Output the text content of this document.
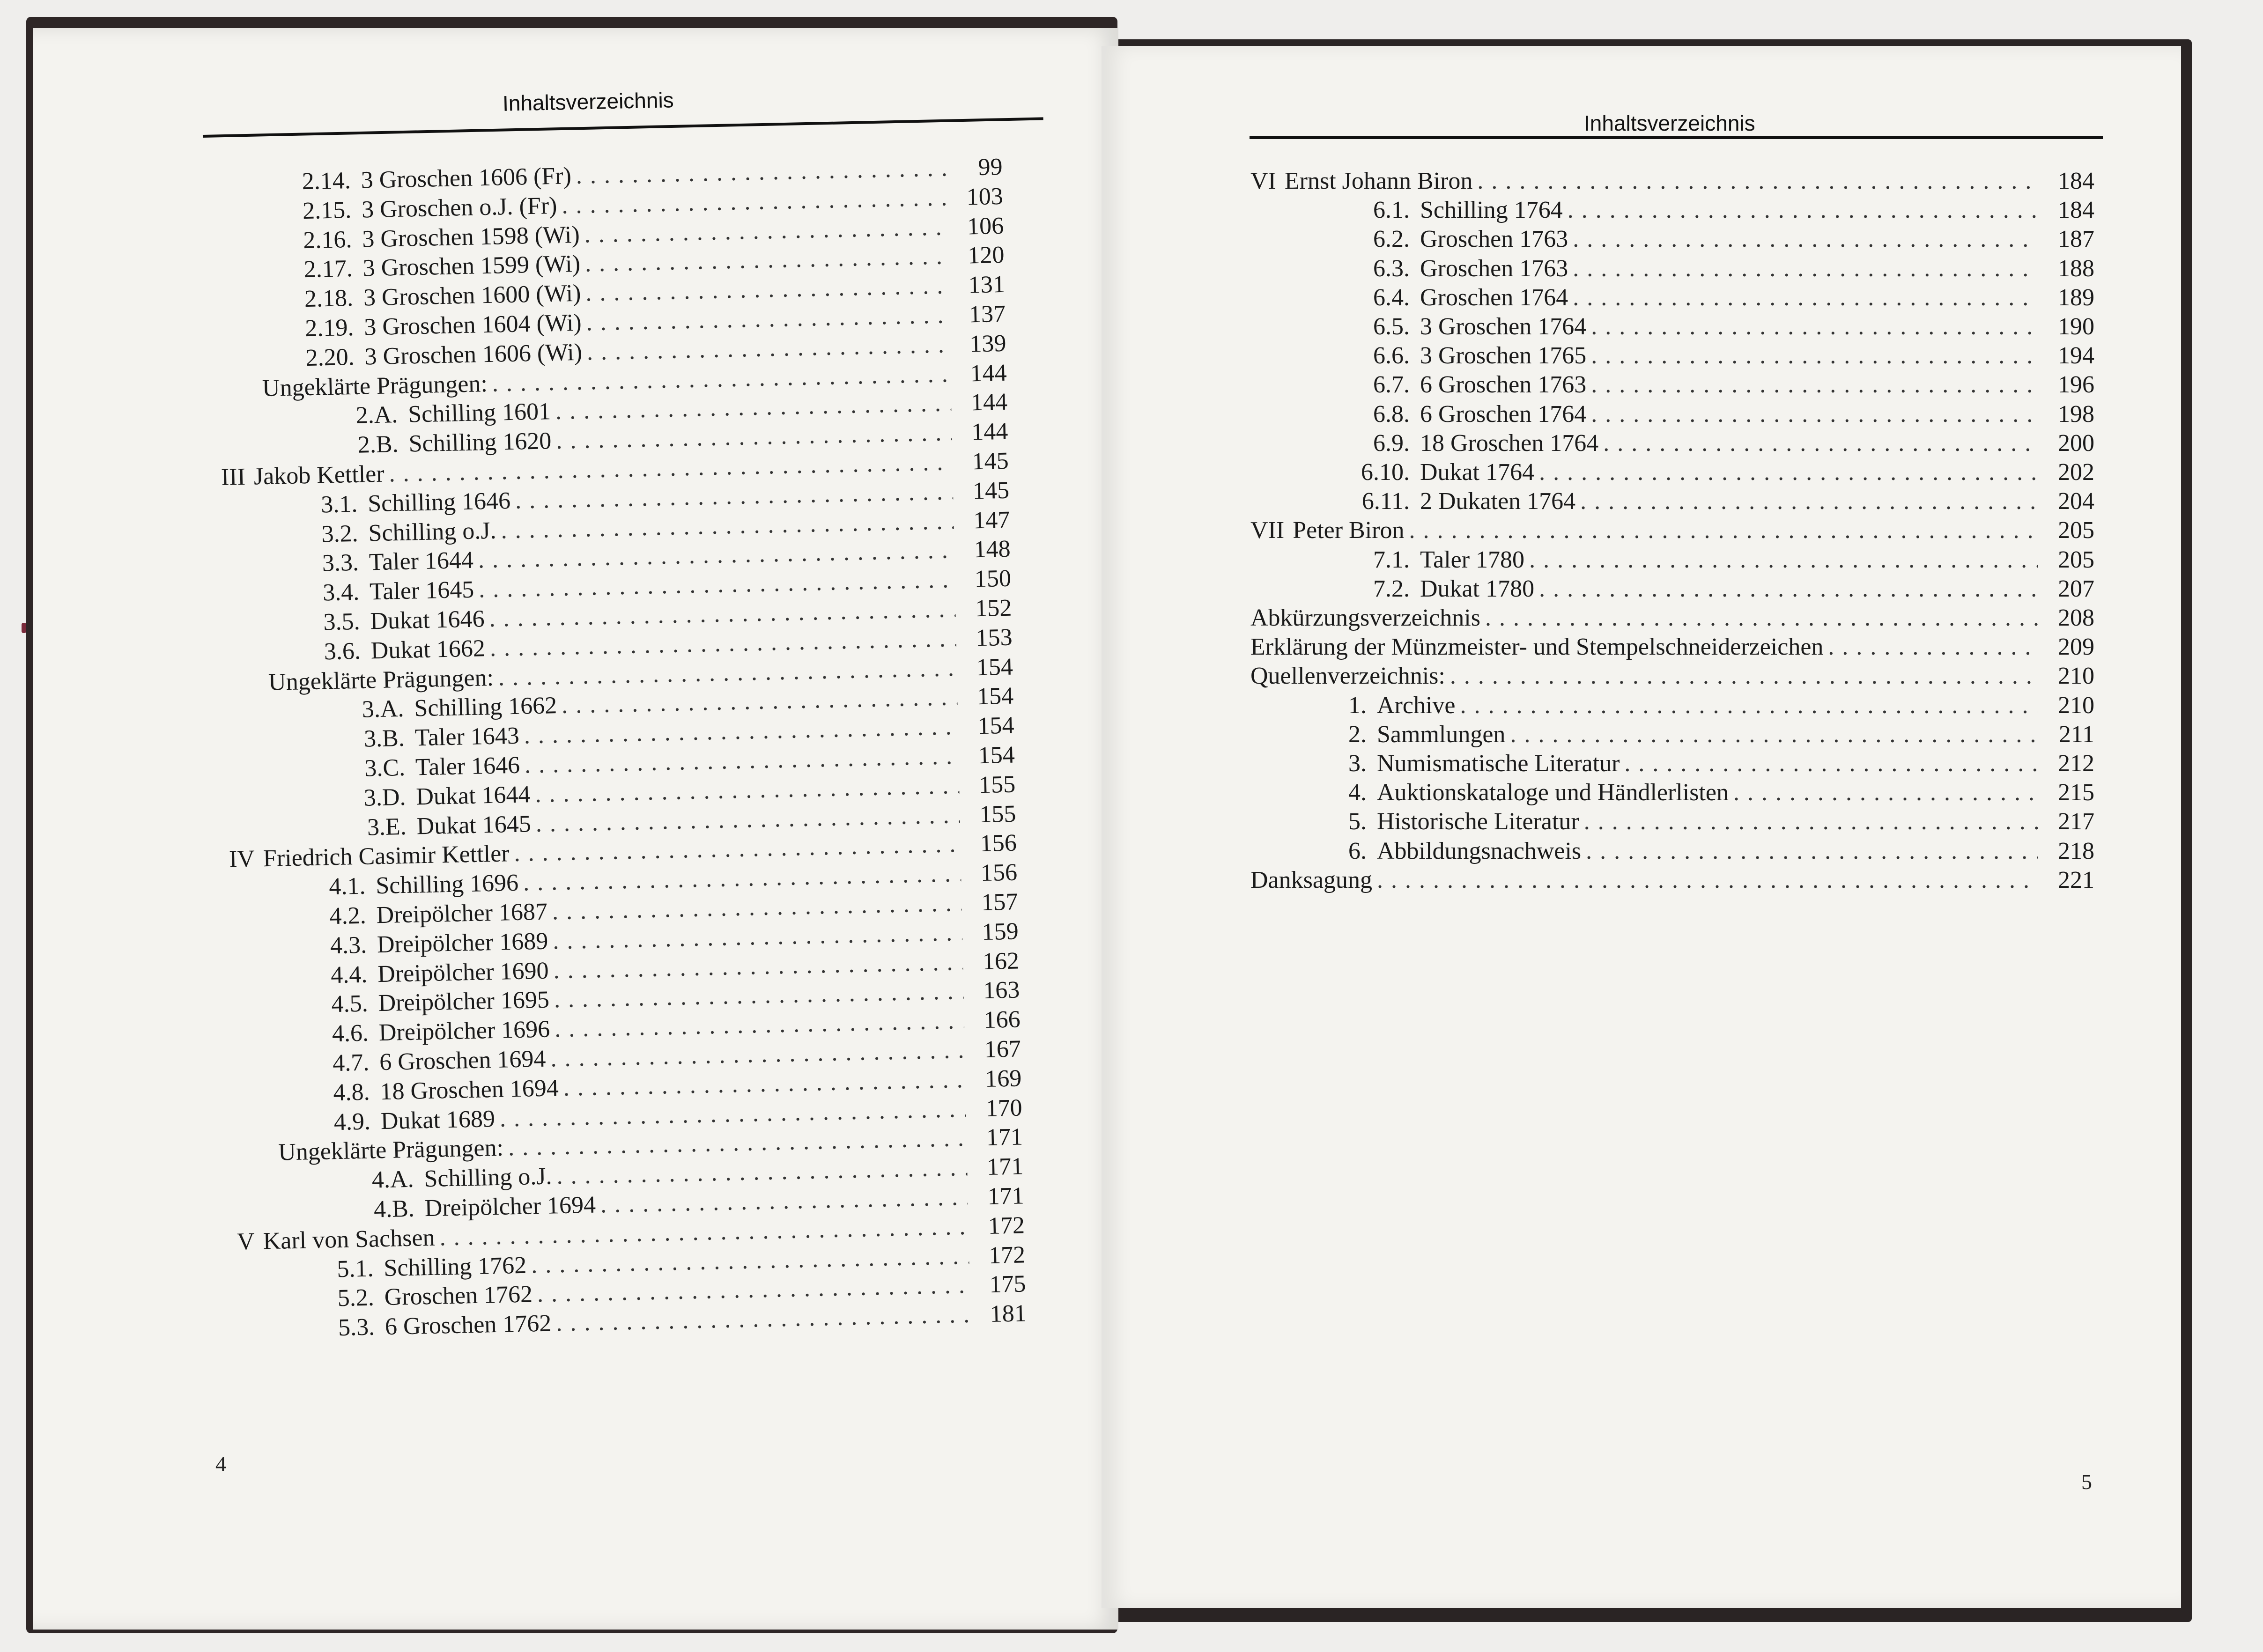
Inhaltsverzeichnis
2.14. 3 Groschen 1606 (Fr) . . .	99
2.15. 3 Groschen o.J. (Fr) . . .	103
2.16. 3 Groschen 1598 (Wi) . . .	106
2.17. 3 Groschen 1599 (Wi) . . .	120
2.18. 3 Groschen 1600 (Wi) . . .	131
2.19. 3 Groschen 1604 (Wi) . . .	137
2.20. 3 Groschen 1606 (Wi) . . .	139
Ungeklärte Prägungen: . . .	144
2.A. Schilling 1601 . . .	144
2.B. Schilling 1620 . . .	144
III Jakob Kettler . . .	145
3.1. Schilling 1646 . . .	145
3.2. Schilling o.J. . . .	147
3.3. Taler 1644 . . .	148
3.4. Taler 1645 . . .	150
3.5. Dukat 1646 . . .	152
3.6. Dukat 1662 . . .	153
Ungeklärte Prägungen: . . .	154
3.A. Schilling 1662 . . .	154
3.B. Taler 1643 . . .	154
3.C. Taler 1646 . . .	154
3.D. Dukat 1644 . . .	155
3.E. Dukat 1645 . . .	155
IV Friedrich Casimir Kettler . . .	156
4.1. Schilling 1696 . . .	156
4.2. Dreipölcher 1687 . . .	157
4.3. Dreipölcher 1689 . . .	159
4.4. Dreipölcher 1690 . . .	162
4.5. Dreipölcher 1695 . . .	163
4.6. Dreipölcher 1696 . . .	166
4.7. 6 Groschen 1694 . . .	167
4.8. 18 Groschen 1694 . . .	169
4.9. Dukat 1689 . . .	170
Ungeklärte Prägungen: . . .	171
4.A. Schilling o.J. . . .	171
4.B. Dreipölcher 1694 . . .	171
V Karl von Sachsen . . .	172
5.1. Schilling 1762 . . .	172
5.2. Groschen 1762 . . .	175
5.3. 6 Groschen 1762 . . .	181
4
Inhaltsverzeichnis
VI Ernst Johann Biron . . .	184
6.1. Schilling 1764 . . .	184
6.2. Groschen 1763 . . .	187
6.3. Groschen 1763 . . .	188
6.4. Groschen 1764 . . .	189
6.5. 3 Groschen 1764 . . .	190
6.6. 3 Groschen 1765 . . .	194
6.7. 6 Groschen 1763 . . .	196
6.8. 6 Groschen 1764 . . .	198
6.9. 18 Groschen 1764 . . .	200
6.10. Dukat 1764 . . .	202
6.11. 2 Dukaten 1764 . . .	204
VII Peter Biron . . .	205
7.1. Taler 1780 . . .	205
7.2. Dukat 1780 . . .	207
Abkürzungsverzeichnis . . .	208
Erklärung der Münzmeister- und Stempelschneiderzeichen . . .	209
Quellenverzeichnis: . . .	210
1. Archive . . .	210
2. Sammlungen . . .	211
3. Numismatische Literatur . . .	212
4. Auktionskataloge und Händlerlisten . . .	215
5. Historische Literatur . . .	217
6. Abbildungsnachweis . . .	218
Danksagung . . .	221
5
